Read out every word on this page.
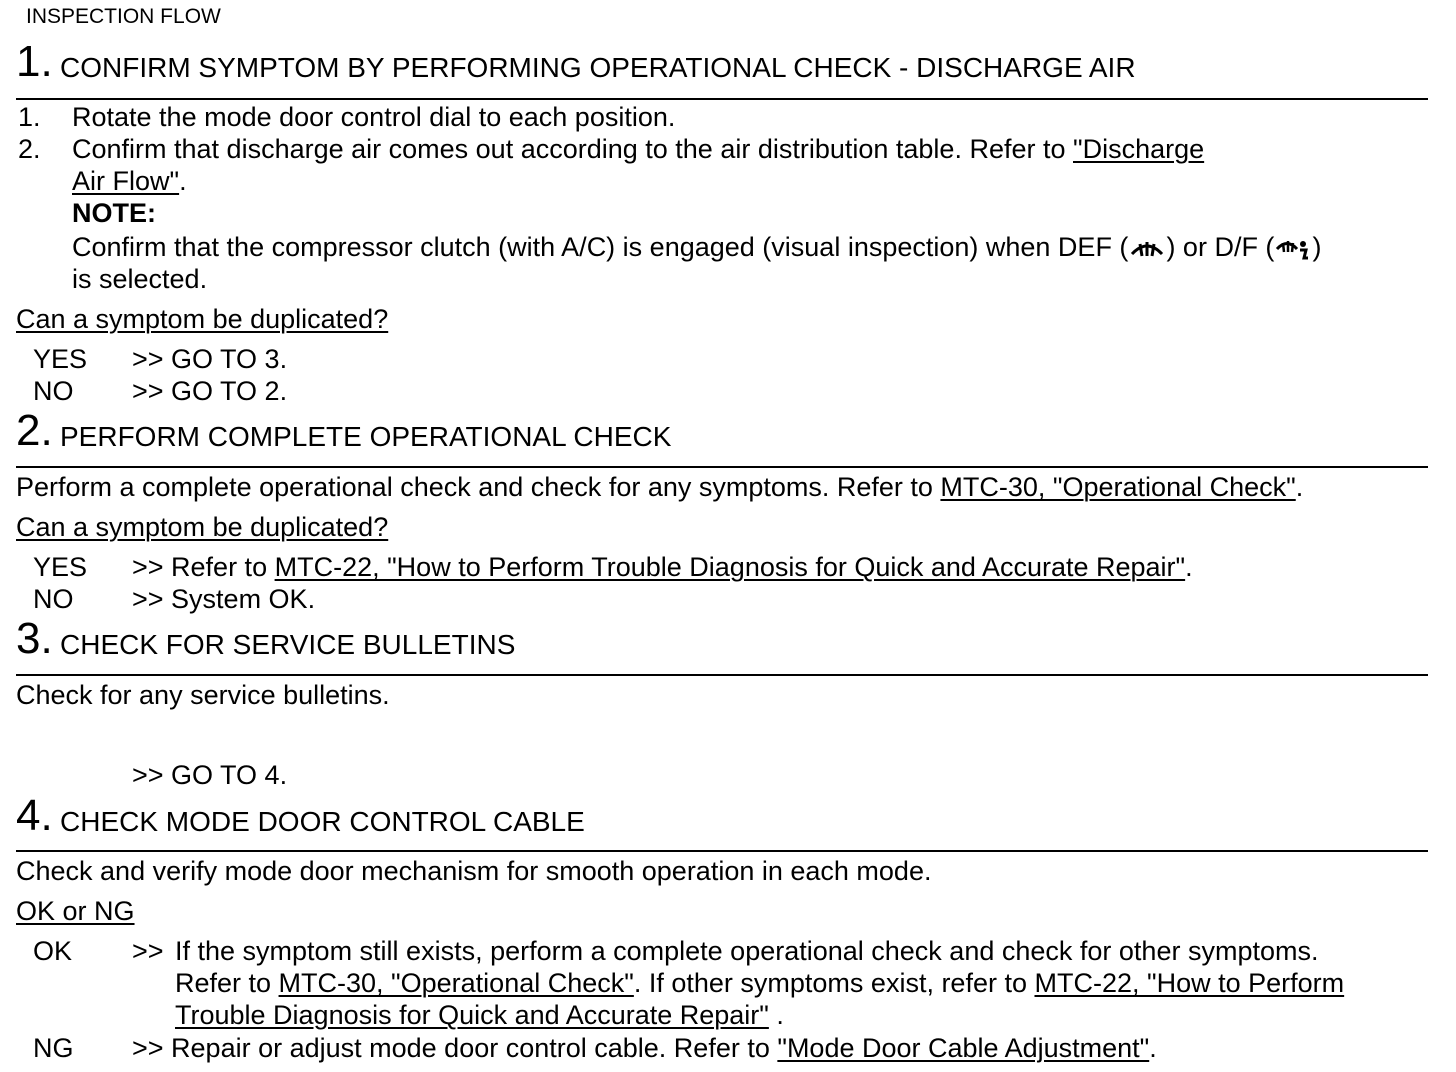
INSPECTION FLOW
1. CONFIRM SYMPTOM BY PERFORMING OPERATIONAL CHECK - DISCHARGE AIR
1. Rotate the mode door control dial to each position.
2. Confirm that discharge air comes out according to the air distribution table. Refer to "Discharge
Air Flow".
NOTE:
Confirm that the compressor clutch (with A/C) is engaged (visual inspection) when DEF ( ) or D/F ( )
is selected.
Can a symptom be duplicated?
YES >> GO TO 3.
NO >> GO TO 2.
2. PERFORM COMPLETE OPERATIONAL CHECK
Perform a complete operational check and check for any symptoms. Refer to MTC-30, "Operational Check".
Can a symptom be duplicated?
YES >> Refer to MTC-22, "How to Perform Trouble Diagnosis for Quick and Accurate Repair".
NO >> System OK.
3. CHECK FOR SERVICE BULLETINS
Check for any service bulletins.
>> GO TO 4.
4. CHECK MODE DOOR CONTROL CABLE
Check and verify mode door mechanism for smooth operation in each mode.
OK or NG
OK >> If the symptom still exists, perform a complete operational check and check for other symptoms.
Refer to MTC-30, "Operational Check". If other symptoms exist, refer to MTC-22, "How to Perform
Trouble Diagnosis for Quick and Accurate Repair" .
NG >> Repair or adjust mode door control cable. Refer to "Mode Door Cable Adjustment".
